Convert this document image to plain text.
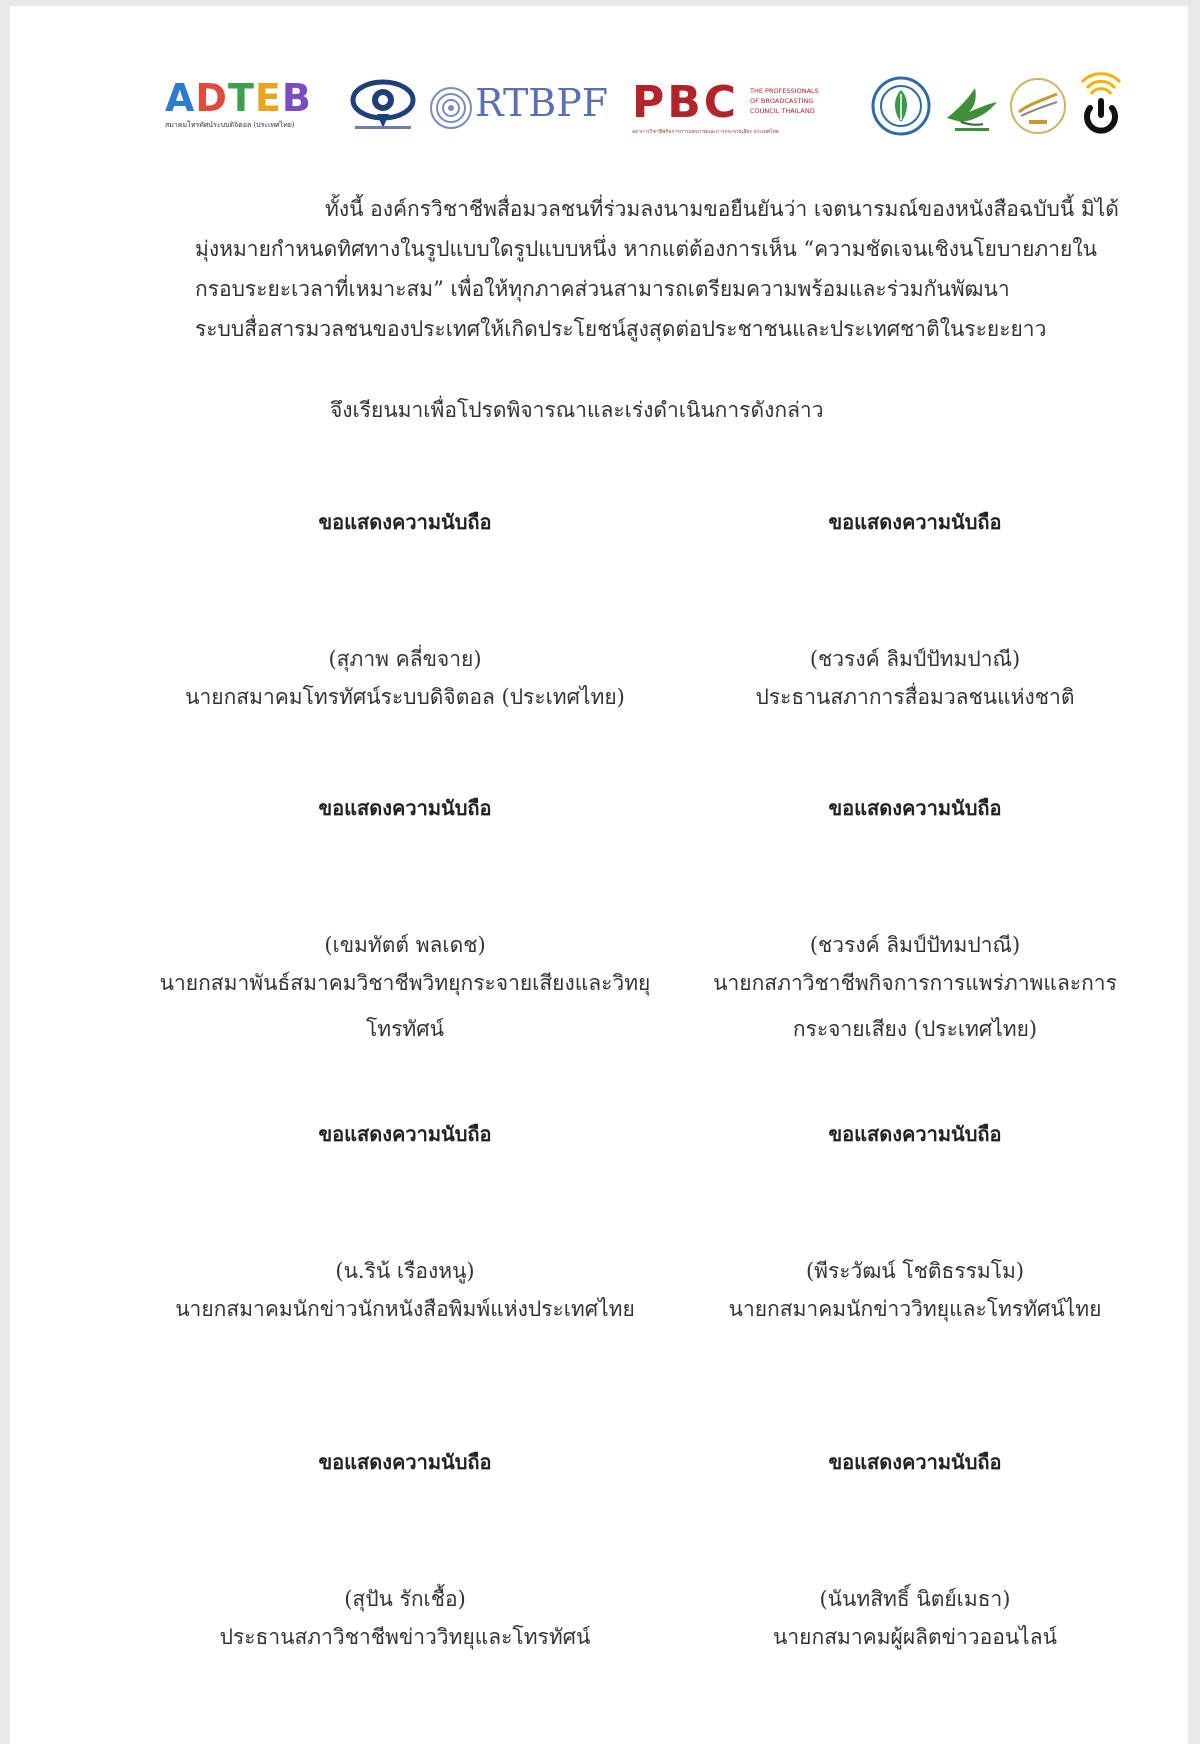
ADTEB
สมาคมโทรทัศน์ระบบดิจิตอล (ประเทศไทย)	RTBPF PBC THE PROFESSIONALS
OF BROADCASTING
COUNCIL THAILAND
สภาการวิชาชีพกิจการการแพร่ภาพและการกระจายเสียง ประเทศไทย
ทั้งนี้ องค์กรวิชาชีพสื่อมวลชนที่ร่วมลงนามขอยืนยันว่า เจตนารมณ์ของหนังสือฉบับนี้ มิได้
มุ่งหมายกำหนดทิศทางในรูปแบบใดรูปแบบหนึ่ง หากแต่ต้องการเห็น “ความชัดเจนเชิงนโยบายภายใน
กรอบระยะเวลาที่เหมาะสม” เพื่อให้ทุกภาคส่วนสามารถเตรียมความพร้อมและร่วมกันพัฒนา
ระบบสื่อสารมวลชนของประเทศให้เกิดประโยชน์สูงสุดต่อประชาชนและประเทศชาติในระยะยาว
จึงเรียนมาเพื่อโปรดพิจารณาและเร่งดำเนินการดังกล่าว
ขอแสดงความนับถือ
(สุภาพ คลี่ขจาย)
นายกสมาคมโทรทัศน์ระบบดิจิตอล (ประเทศไทย)
ขอแสดงความนับถือ
(ชวรงค์ ลิมป์ปัทมปาณี)
ประธานสภาการสื่อมวลชนแห่งชาติ
ขอแสดงความนับถือ
(เขมทัตต์ พลเดช)
นายกสมาพันธ์สมาคมวิชาชีพวิทยุกระจายเสียงและวิทยุ
โทรทัศน์
ขอแสดงความนับถือ
(ชวรงค์ ลิมป์ปัทมปาณี)
นายกสภาวิชาชีพกิจการการแพร่ภาพและการ
กระจายเสียง (ประเทศไทย)
ขอแสดงความนับถือ
(น.ริน้ เรืองหนู)
นายกสมาคมนักข่าวนักหนังสือพิมพ์แห่งประเทศไทย
ขอแสดงความนับถือ
(พีระวัฒน์ โชติธรรมโม)
นายกสมาคมนักข่าววิทยุและโทรทัศน์ไทย
ขอแสดงความนับถือ
(สุปัน รักเชื้อ)
ประธานสภาวิชาชีพข่าววิทยุและโทรทัศน์
ขอแสดงความนับถือ
(นันทสิทธิ์ นิตย์เมธา)
นายกสมาคมผู้ผลิตข่าวออนไลน์
